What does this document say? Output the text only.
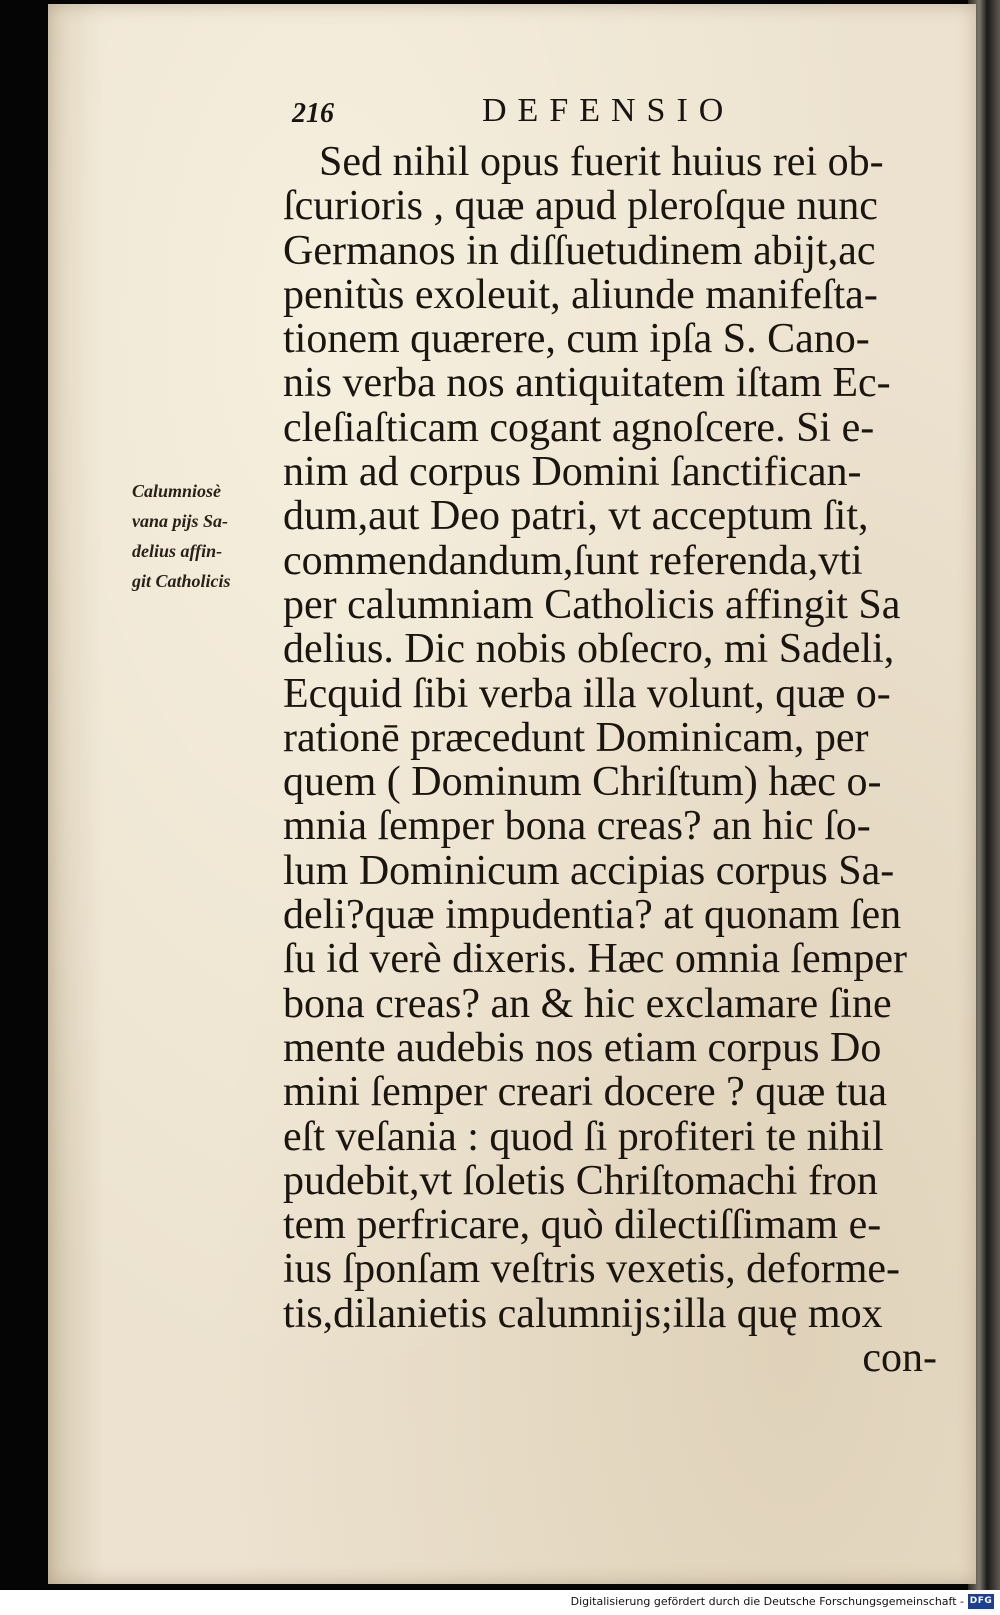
216	DEFENSIO
Calumniosè
vana pijs Sa-
delius affin-
git Catholicis
Sed nihil opus fuerit huius rei ob-
ſcurioris , quæ apud pleroſque nunc
Germanos in diſſuetudinem abijt,ac
penitùs exoleuit, aliunde manifeſta-
tionem quærere, cum ipſa S. Cano-
nis verba nos antiquitatem iſtam Ec-
cleſiaſticam cogant agnoſcere. Si e-
nim ad corpus Domini ſanctifican-
dum,aut Deo patri, vt acceptum ſit,
commendandum,ſunt referenda,vti
per calumniam Catholicis affingit Sa
delius. Dic nobis obſecro, mi Sadeli,
Ecquid ſibi verba illa volunt, quæ o-
rationē præcedunt Dominicam, per
quem ( Dominum Chriſtum) hæc o-
mnia ſemper bona creas? an hic ſo-
lum Dominicum accipias corpus Sa-
deli?quæ impudentia? at quonam ſen
ſu id verè dixeris. Hæc omnia ſemper
bona creas? an & hic exclamare ſine
mente audebis nos etiam corpus Do
mini ſemper creari docere ? quæ tua
eſt veſania : quod ſi profiteri te nihil
pudebit,vt ſoletis Chriſtomachi fron
tem perfricare, quò dilectiſſimam e-
ius ſponſam veſtris vexetis, deforme-
tis,dilanietis calumnijs;illa quę mox
con-
Digitalisierung gefördert durch die Deutsche Forschungsgemeinschaft - DFG
